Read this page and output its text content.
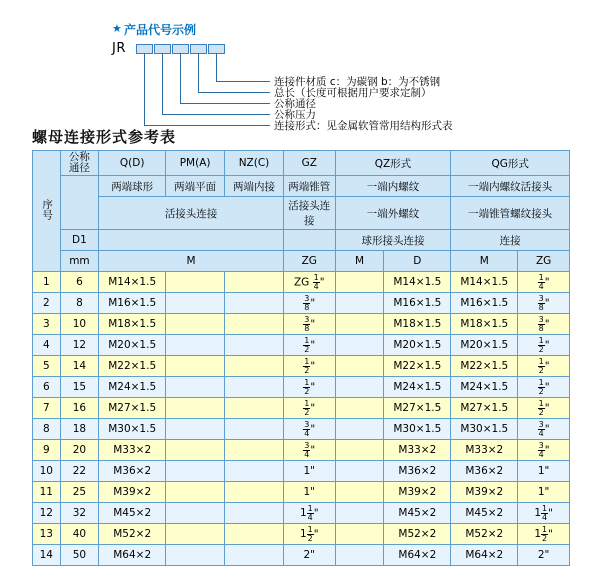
★ 产品代号示例
JR
连接件材质 c：为碳钢 b：为不锈钢
总长（长度可根据用户要求定制）
公称通径
公称压力
连接形式：见金属软管常用结构形式表
螺母连接形式参考表
序号	公称通径	Q(D)	PM(A)	NZ(C)	GZ	QZ形式		QG形式	
		两端球形	两端平面	两端内接	两端锥管	一端内螺纹		一端内螺纹活接头	
		活接头连接			活接头连接	一端外螺纹		一端锥管螺纹接头	
	D1					球形接头连接		连接	
	mm	M			ZG	M	D	M	ZG
1	6	M14×1.5			ZG $\frac{1}{4}$ "		M14×1.5	M14×1.5	$\frac{1}{4}$ "
2	8	M16×1.5			$\frac{3}{8}$ "		M16×1.5	M16×1.5	$\frac{3}{8}$ "
3	10	M18×1.5			$\frac{3}{8}$ "		M18×1.5	M18×1.5	$\frac{3}{8}$ "
4	12	M20×1.5			$\frac{1}{2}$ "		M20×1.5	M20×1.5	$\frac{1}{2}$ "
5	14	M22×1.5			$\frac{1}{2}$ "		M22×1.5	M22×1.5	$\frac{1}{2}$ "
6	15	M24×1.5			$\frac{1}{2}$ "		M24×1.5	M24×1.5	$\frac{1}{2}$ "
7	16	M27×1.5			$\frac{1}{2}$ "		M27×1.5	M27×1.5	$\frac{1}{2}$ "
8	18	M30×1.5			$\frac{3}{4}$ "		M30×1.5	M30×1.5	$\frac{3}{4}$ "
9	20	M33×2			$\frac{3}{4}$ "		M33×2	M33×2	$\frac{3}{4}$ "
10	22	M36×2			1"		M36×2	M36×2	1"
11	25	M39×2			1"		M39×2	M39×2	1"
12	32	M45×2			$1 \frac{1}{4}$ "		M45×2	M45×2	$1 \frac{1}{4}$ "
13	40	M52×2			$1 \frac{1}{2}$ "		M52×2	M52×2	$1 \frac{1}{2}$ "
14	50	M64×2			2"		M64×2	M64×2	2"
